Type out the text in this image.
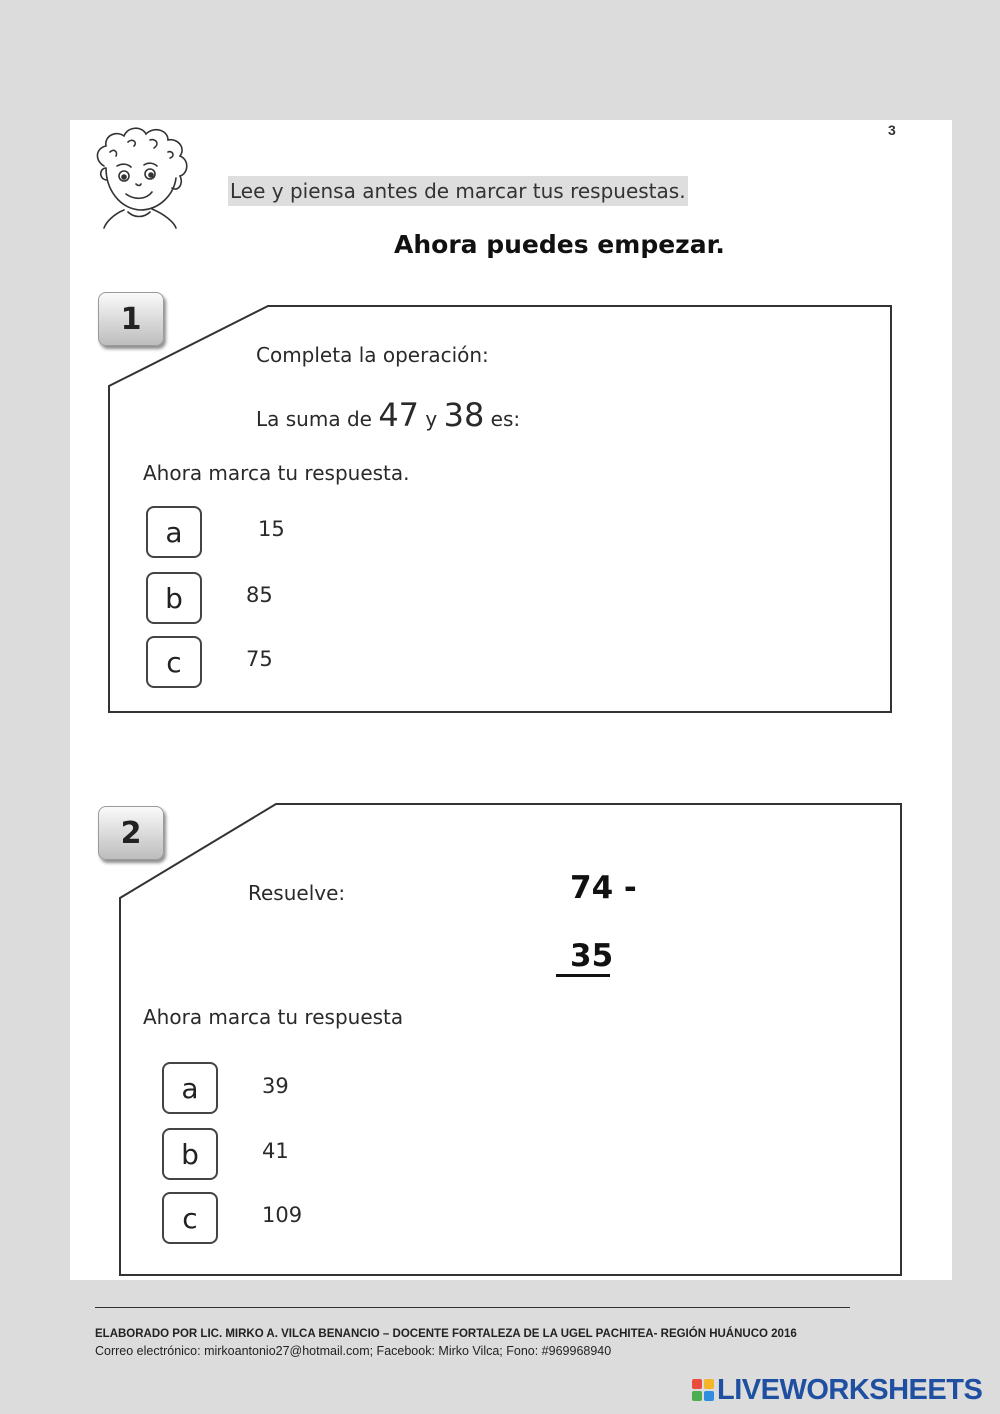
3
Lee y piensa antes de marcar tus respuestas.
Ahora puedes empezar.
1
Completa la operación:
La suma de 47 y 38 es:
Ahora marca tu respuesta.
a	15
b	85
c	75
2
Resuelve:	74 -
35
Ahora marca tu respuesta
a	39
b	41
c	109
ELABORADO POR LIC. MIRKO A. VILCA BENANCIO – DOCENTE FORTALEZA DE LA UGEL PACHITEA- REGIÓN HUÁNUCO 2016
Correo electrónico: mirkoantonio27@hotmail.com; Facebook: Mirko Vilca; Fono: #969968940
LIVEWORKSHEETS
